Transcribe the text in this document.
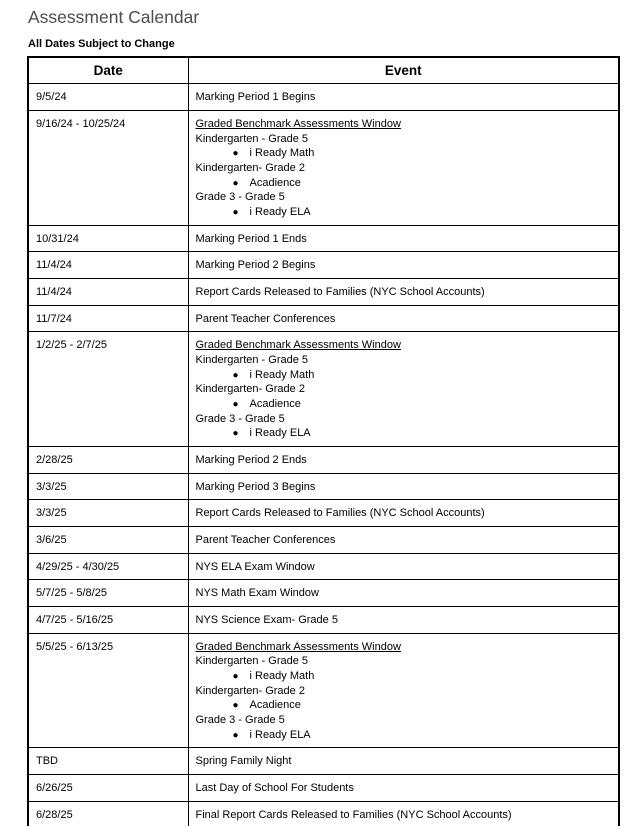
Assessment Calendar
All Dates Subject to Change
Date	Event
9/5/24	Marking Period 1 Begins

9/16/24 - 10/25/24	Graded Benchmark Assessments Window
Kindergarten - Grade 5
● i Ready Math
Kindergarten- Grade 2
● Acadience
Grade 3 - Grade 5
● i Ready ELA

10/31/24	Marking Period 1 Ends

11/4/24	Marking Period 2 Begins

11/4/24	Report Cards Released to Families (NYC School Accounts)

11/7/24	Parent Teacher Conferences

1/2/25 - 2/7/25	Graded Benchmark Assessments Window
Kindergarten - Grade 5
● i Ready Math
Kindergarten- Grade 2
● Acadience
Grade 3 - Grade 5
● i Ready ELA

2/28/25	Marking Period 2 Ends

3/3/25	Marking Period 3 Begins

3/3/25	Report Cards Released to Families (NYC School Accounts)

3/6/25	Parent Teacher Conferences

4/29/25 - 4/30/25	NYS ELA Exam Window

5/7/25 - 5/8/25	NYS Math Exam Window

4/7/25 - 5/16/25	NYS Science Exam- Grade 5

5/5/25 - 6/13/25	Graded Benchmark Assessments Window
Kindergarten - Grade 5
● i Ready Math
Kindergarten- Grade 2
● Acadience
Grade 3 - Grade 5
● i Ready ELA

TBD	Spring Family Night

6/26/25	Last Day of School For Students

6/28/25	Final Report Cards Released to Families (NYC School Accounts)
